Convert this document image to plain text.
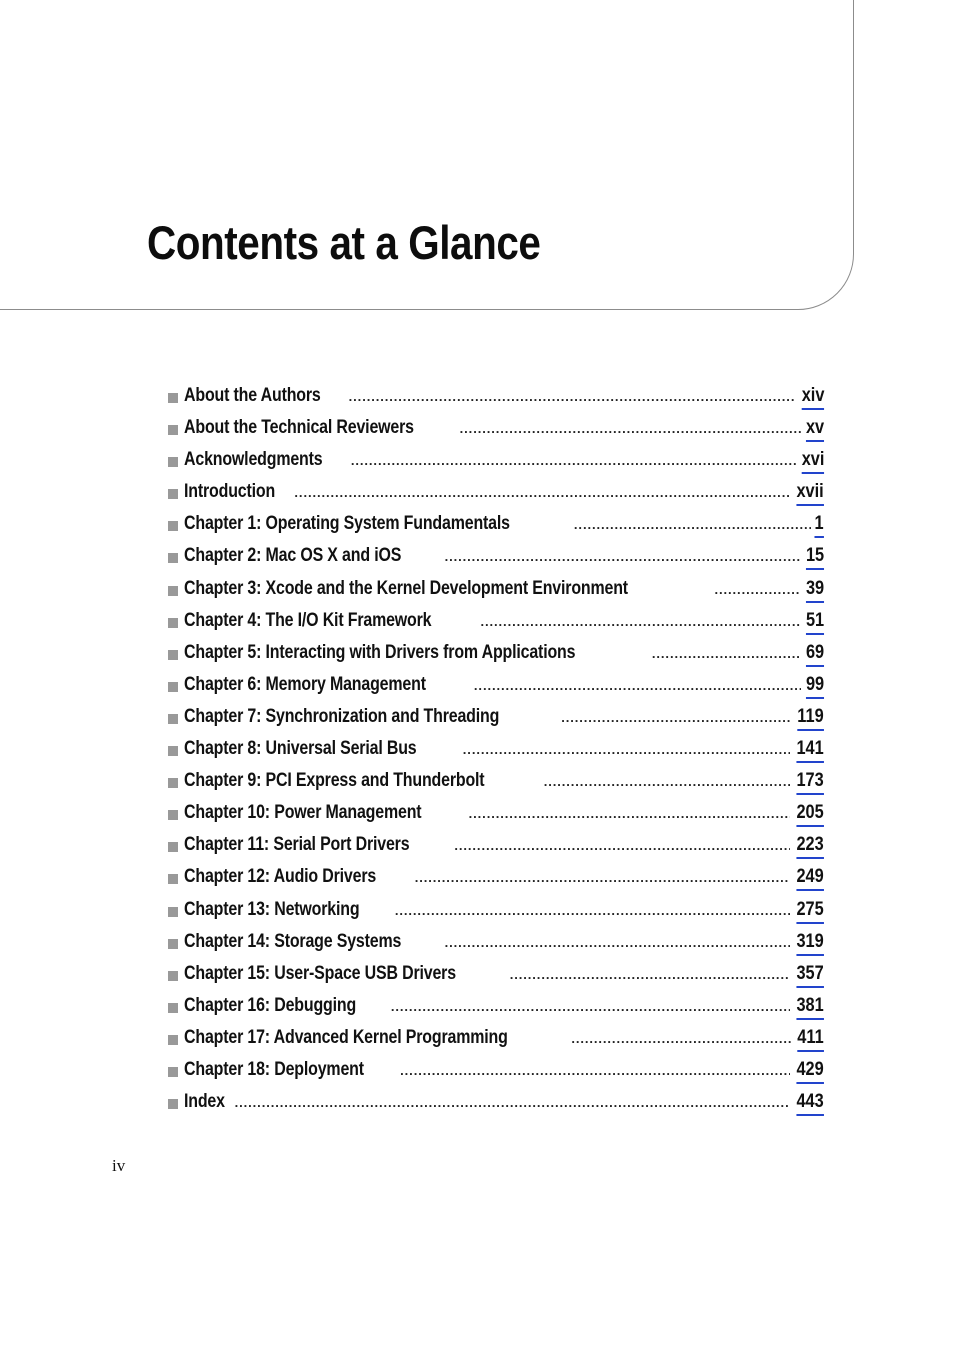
Contents at a Glance
About the Authors .....	xiv
About the Technical Reviewers .....	xv
Acknowledgments .....	xvi
Introduction .....	xvii
Chapter 1: Operating System Fundamentals .....	1
Chapter 2: Mac OS X and iOS .....	15
Chapter 3: Xcode and the Kernel Development Environment .....	39
Chapter 4: The I/O Kit Framework .....	51
Chapter 5: Interacting with Drivers from Applications .....	69
Chapter 6: Memory Management .....	99
Chapter 7: Synchronization and Threading .....	119
Chapter 8: Universal Serial Bus .....	141
Chapter 9: PCI Express and Thunderbolt .....	173
Chapter 10: Power Management .....	205
Chapter 11: Serial Port Drivers .....	223
Chapter 12: Audio Drivers .....	249
Chapter 13: Networking .....	275
Chapter 14: Storage Systems .....	319
Chapter 15: User-Space USB Drivers .....	357
Chapter 16: Debugging .....	381
Chapter 17: Advanced Kernel Programming .....	411
Chapter 18: Deployment .....	429
Index .....	443
iv
